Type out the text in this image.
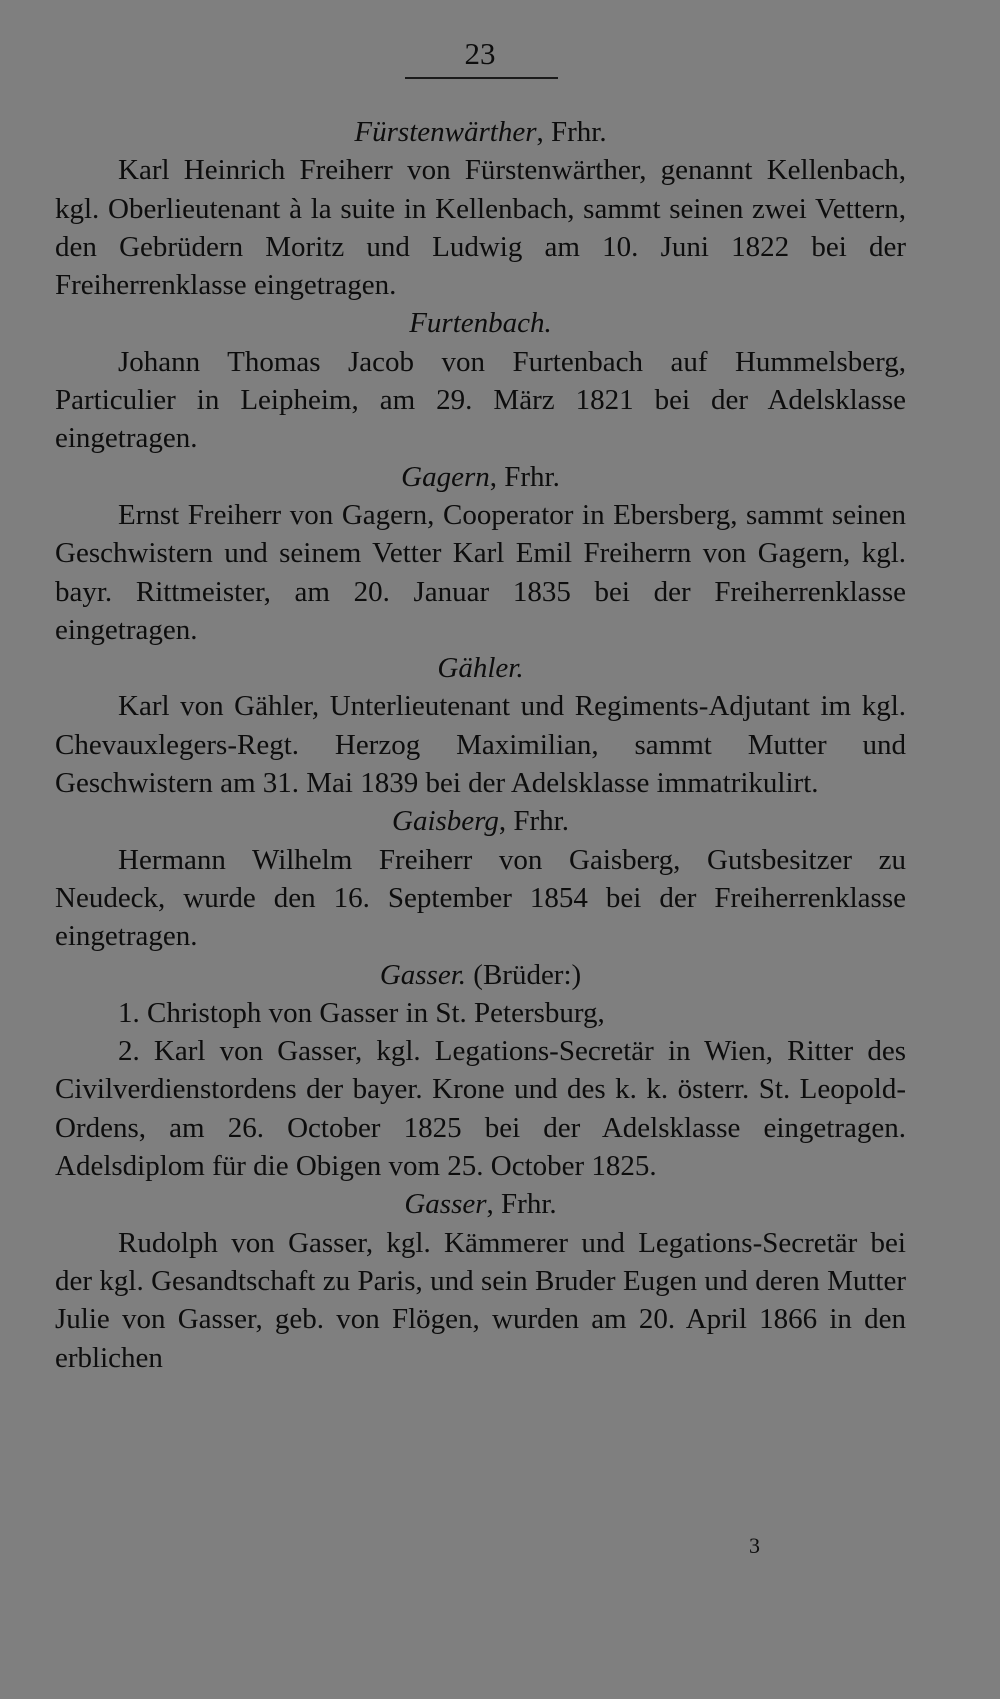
23
Fürstenwärther, Frhr.

Karl Heinrich Freiherr von Fürstenwärther, genannt Kellenbach, kgl. Oberlieutenant à la suite in Kellenbach, sammt seinen zwei Vettern, den Gebrüdern Moritz und Ludwig am 10. Juni 1822 bei der Freiherrenklasse eingetragen.

Furtenbach.

Johann Thomas Jacob von Furtenbach auf Hummelsberg, Particulier in Leipheim, am 29. März 1821 bei der Adelsklasse eingetragen.

Gagern, Frhr.

Ernst Freiherr von Gagern, Cooperator in Ebersberg, sammt seinen Geschwistern und seinem Vetter Karl Emil Freiherrn von Gagern, kgl. bayr. Rittmeister, am 20. Januar 1835 bei der Freiherrenklasse eingetragen.

Gähler.

Karl von Gähler, Unterlieutenant und Regiments-Adjutant im kgl. Chevauxlegers-Regt. Herzog Maximilian, sammt Mutter und Geschwistern am 31. Mai 1839 bei der Adelsklasse immatrikulirt.

Gaisberg, Frhr.

Hermann Wilhelm Freiherr von Gaisberg, Gutsbesitzer zu Neudeck, wurde den 16. September 1854 bei der Freiherrenklasse eingetragen.

Gasser. (Brüder:)

1. Christoph von Gasser in St. Petersburg,

2. Karl von Gasser, kgl. Legations-Secretär in Wien, Ritter des Civilverdienstordens der bayer. Krone und des k. k. österr. St. Leopold-Ordens, am 26. October 1825 bei der Adelsklasse eingetragen. Adelsdiplom für die Obigen vom 25. October 1825.

Gasser, Frhr.

Rudolph von Gasser, kgl. Kämmerer und Legations-Secretär bei der kgl. Gesandtschaft zu Paris, und sein Bruder Eugen und deren Mutter Julie von Gasser, geb. von Flögen, wurden am 20. April 1866 in den erblichen

3
